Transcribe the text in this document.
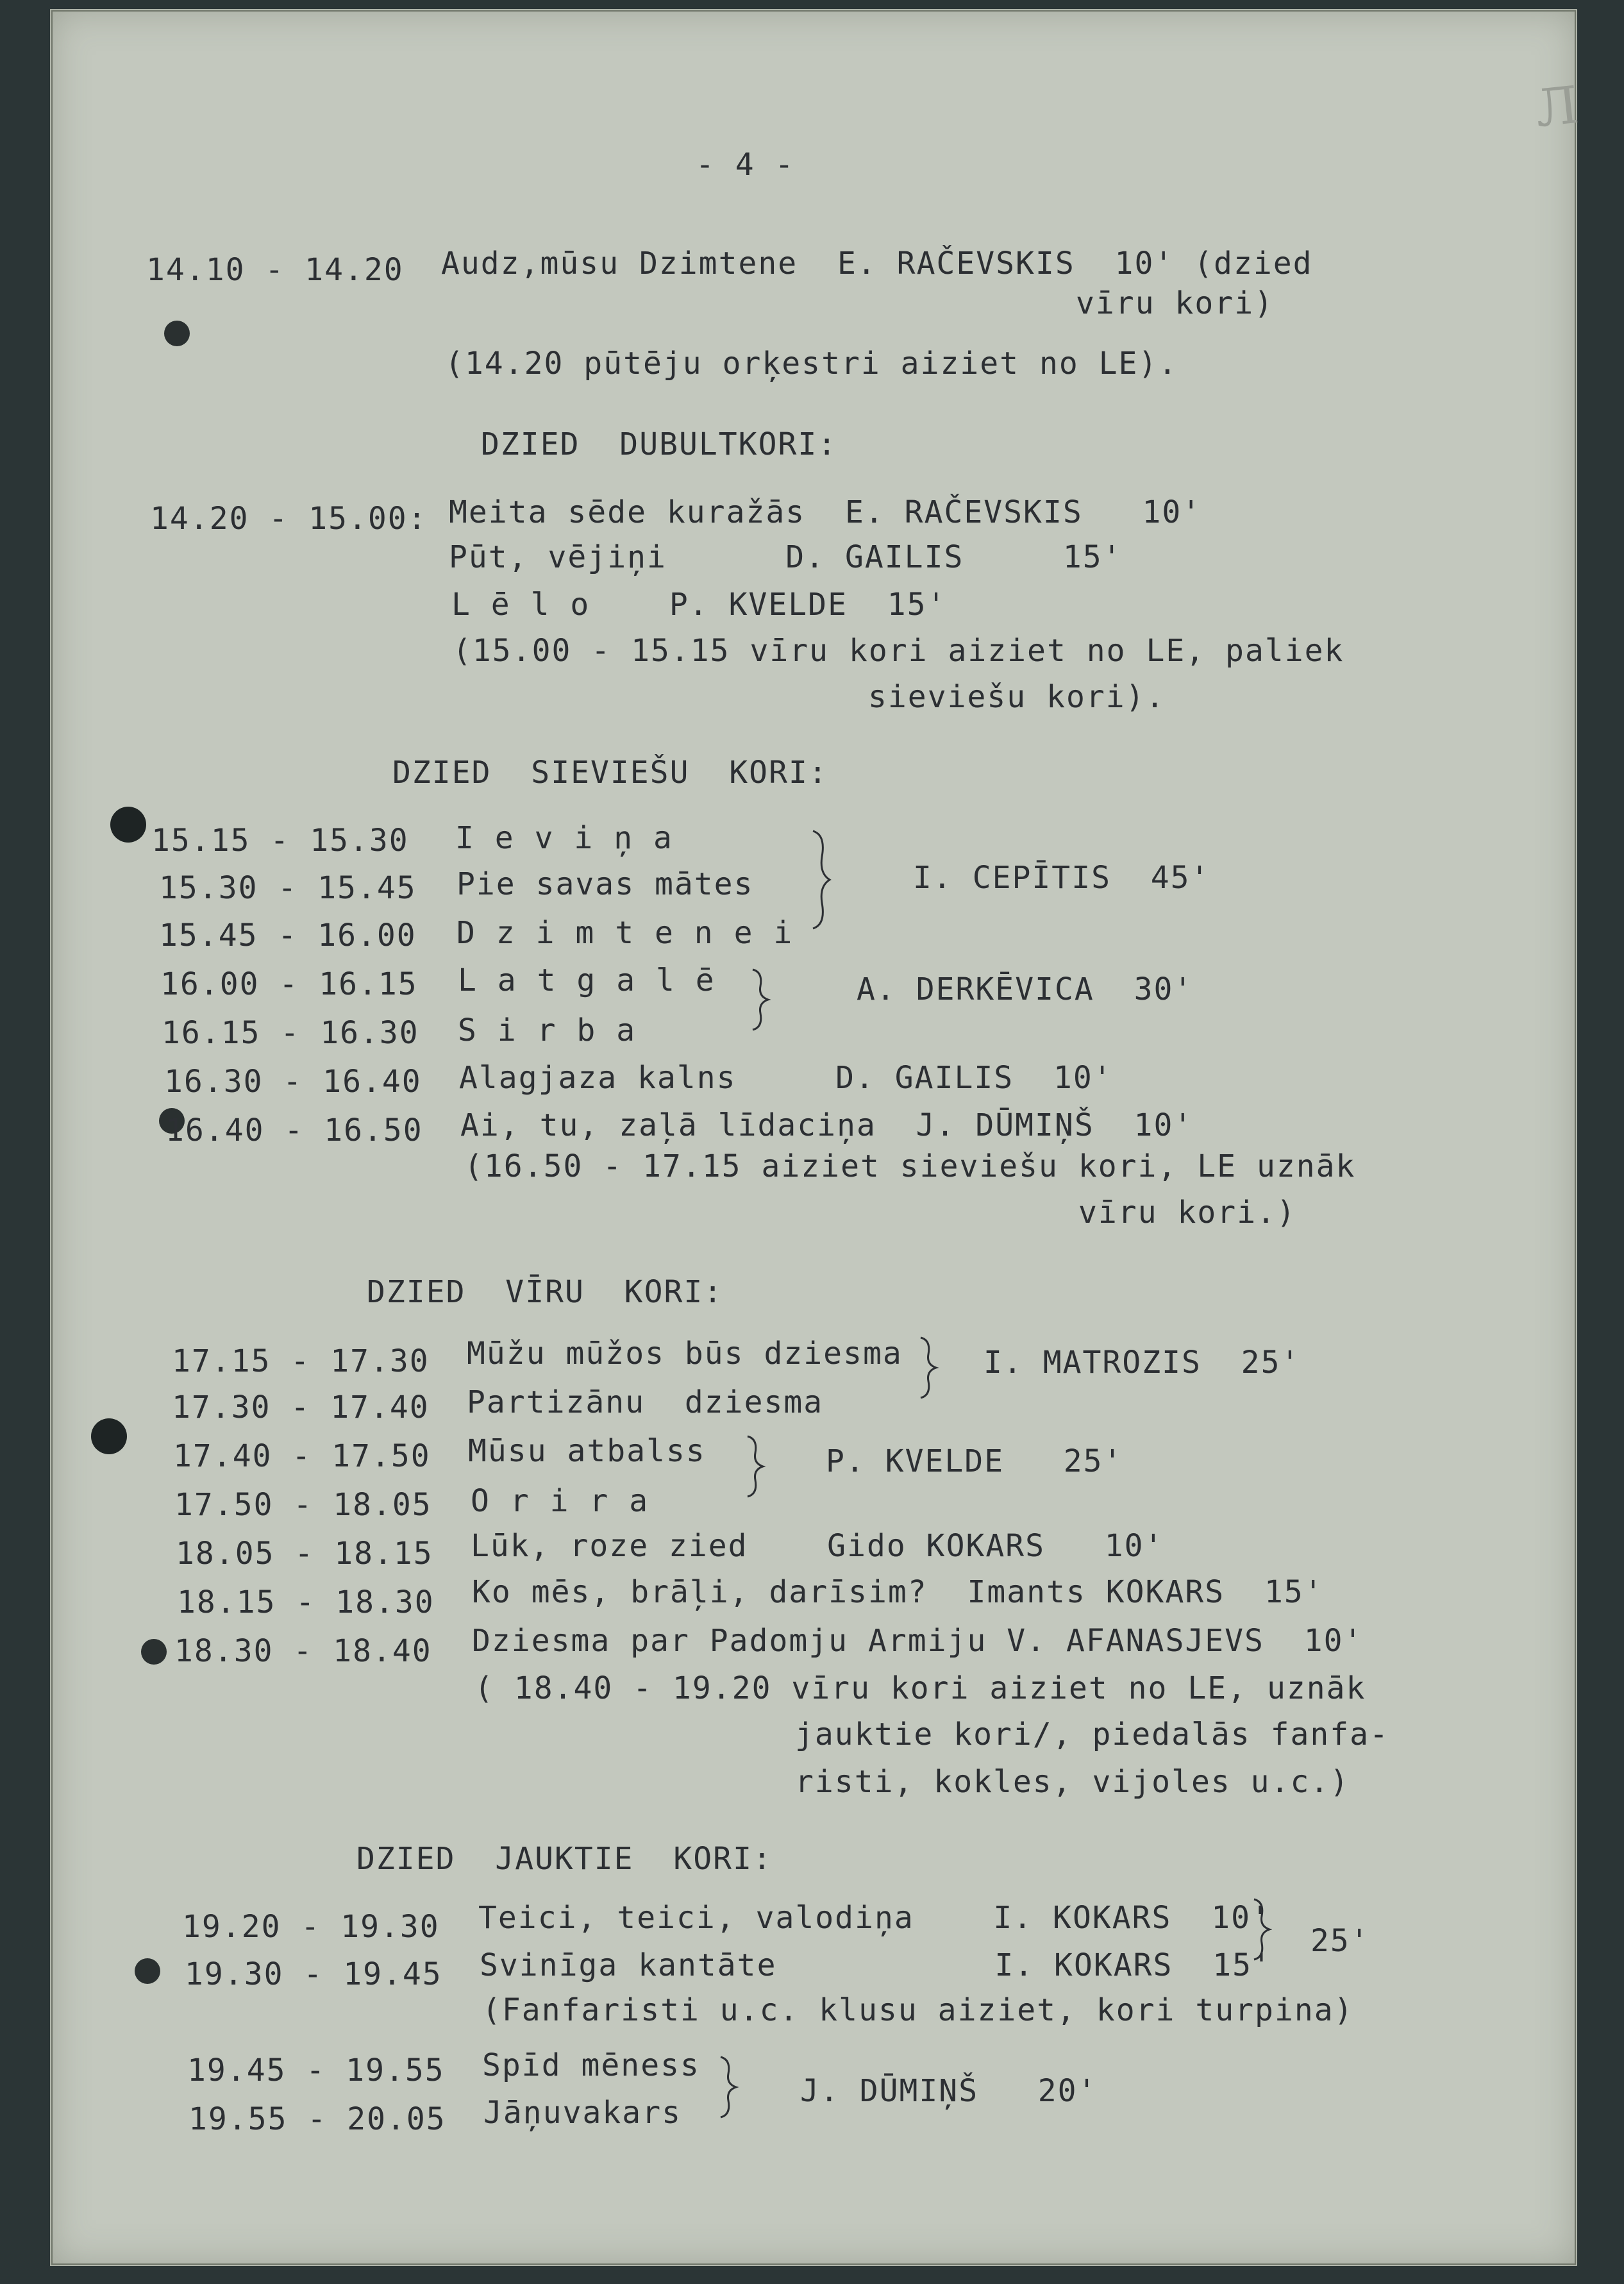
Л
- 4 -
14.10 - 14.20 Audz,mūsu Dzimtene  E. RAČEVSKIS  10' (dzied
vīru kori)
(14.20 pūtēju orķestri aiziet no LE).
DZIED  DUBULTKORI:
14.20 - 15.00: Meita sēde kuražās  E. RAČEVSKIS   10'
Pūt, vējiņi      D. GAILIS     15'
L ē l o    P. KVELDE  15'
(15.00 - 15.15 vīru kori aiziet no LE, paliek
sieviešu kori).
DZIED  SIEVIEŠU  KORI:
15.15 - 15.30 I e v i ņ a
15.30 - 15.45 Pie savas mātes
15.45 - 16.00 D z i m t e n e i
I. CEPĪTIS  45'
16.00 - 16.15 L a t g a l ē
16.15 - 16.30 S i r b a
A. DERKĒVICA  30'
16.30 - 16.40 Alagjaza kalns     D. GAILIS  10'
16.40 - 16.50 Ai, tu, zaļā līdaciņa  J. DŪMIŅŠ  10'
(16.50 - 17.15 aiziet sieviešu kori, LE uznāk
vīru kori.)
DZIED  VĪRU  KORI:
17.15 - 17.30 Mūžu mūžos būs dziesma	I. MATROZIS  25'
17.30 - 17.40 Partizānu  dziesma
17.40 - 17.50 Mūsu atbalss	P. KVELDE   25'
17.50 - 18.05 O r i r a
18.05 - 18.15 Lūk, roze zied    Gido KOKARS   10'
18.15 - 18.30 Ko mēs, brāļi, darīsim?  Imants KOKARS  15'
18.30 - 18.40 Dziesma par Padomju Armiju V. AFANASJEVS  10'
( 18.40 - 19.20 vīru kori aiziet no LE, uznāk
jauktie kori/, piedalās fanfa-
risti, kokles, vijoles u.c.)
DZIED  JAUKTIE  KORI:
19.20 - 19.30 Teici, teici, valodiņa    I. KOKARS  10'
19.30 - 19.45 Svinīga kantāte           I. KOKARS  15'
25'
(Fanfaristi u.c. klusu aiziet, kori turpina)
19.45 - 19.55 Spīd mēness
19.55 - 20.05 Jāņuvakars
J. DŪMIŅŠ   20'
